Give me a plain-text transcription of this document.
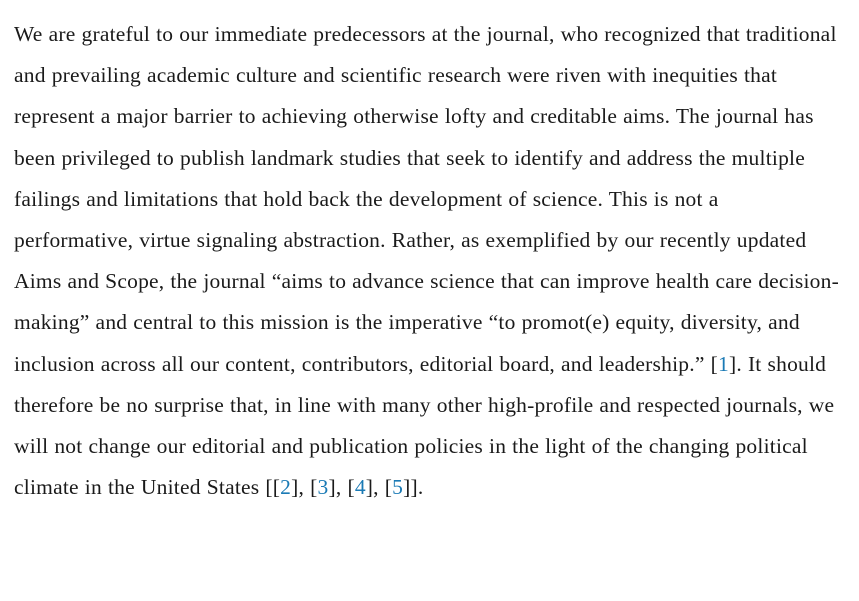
We are grateful to our immediate predecessors at the journal, who recognized that traditional and prevailing academic culture and scientific research were riven with inequities that represent a major barrier to achieving otherwise lofty and creditable aims. The journal has been privileged to publish landmark studies that seek to identify and address the multiple failings and limitations that hold back the development of science. This is not a performative, virtue signaling abstraction. Rather, as exemplified by our recently updated Aims and Scope, the journal “aims to advance science that can improve health care decision-making” and central to this mission is the imperative “to promot(e) equity, diversity, and inclusion across all our content, contributors, editorial board, and leadership.” [1]. It should therefore be no surprise that, in line with many other high-profile and respected journals, we will not change our editorial and publication policies in the light of the changing political climate in the United States [[2], [3], [4], [5]].
